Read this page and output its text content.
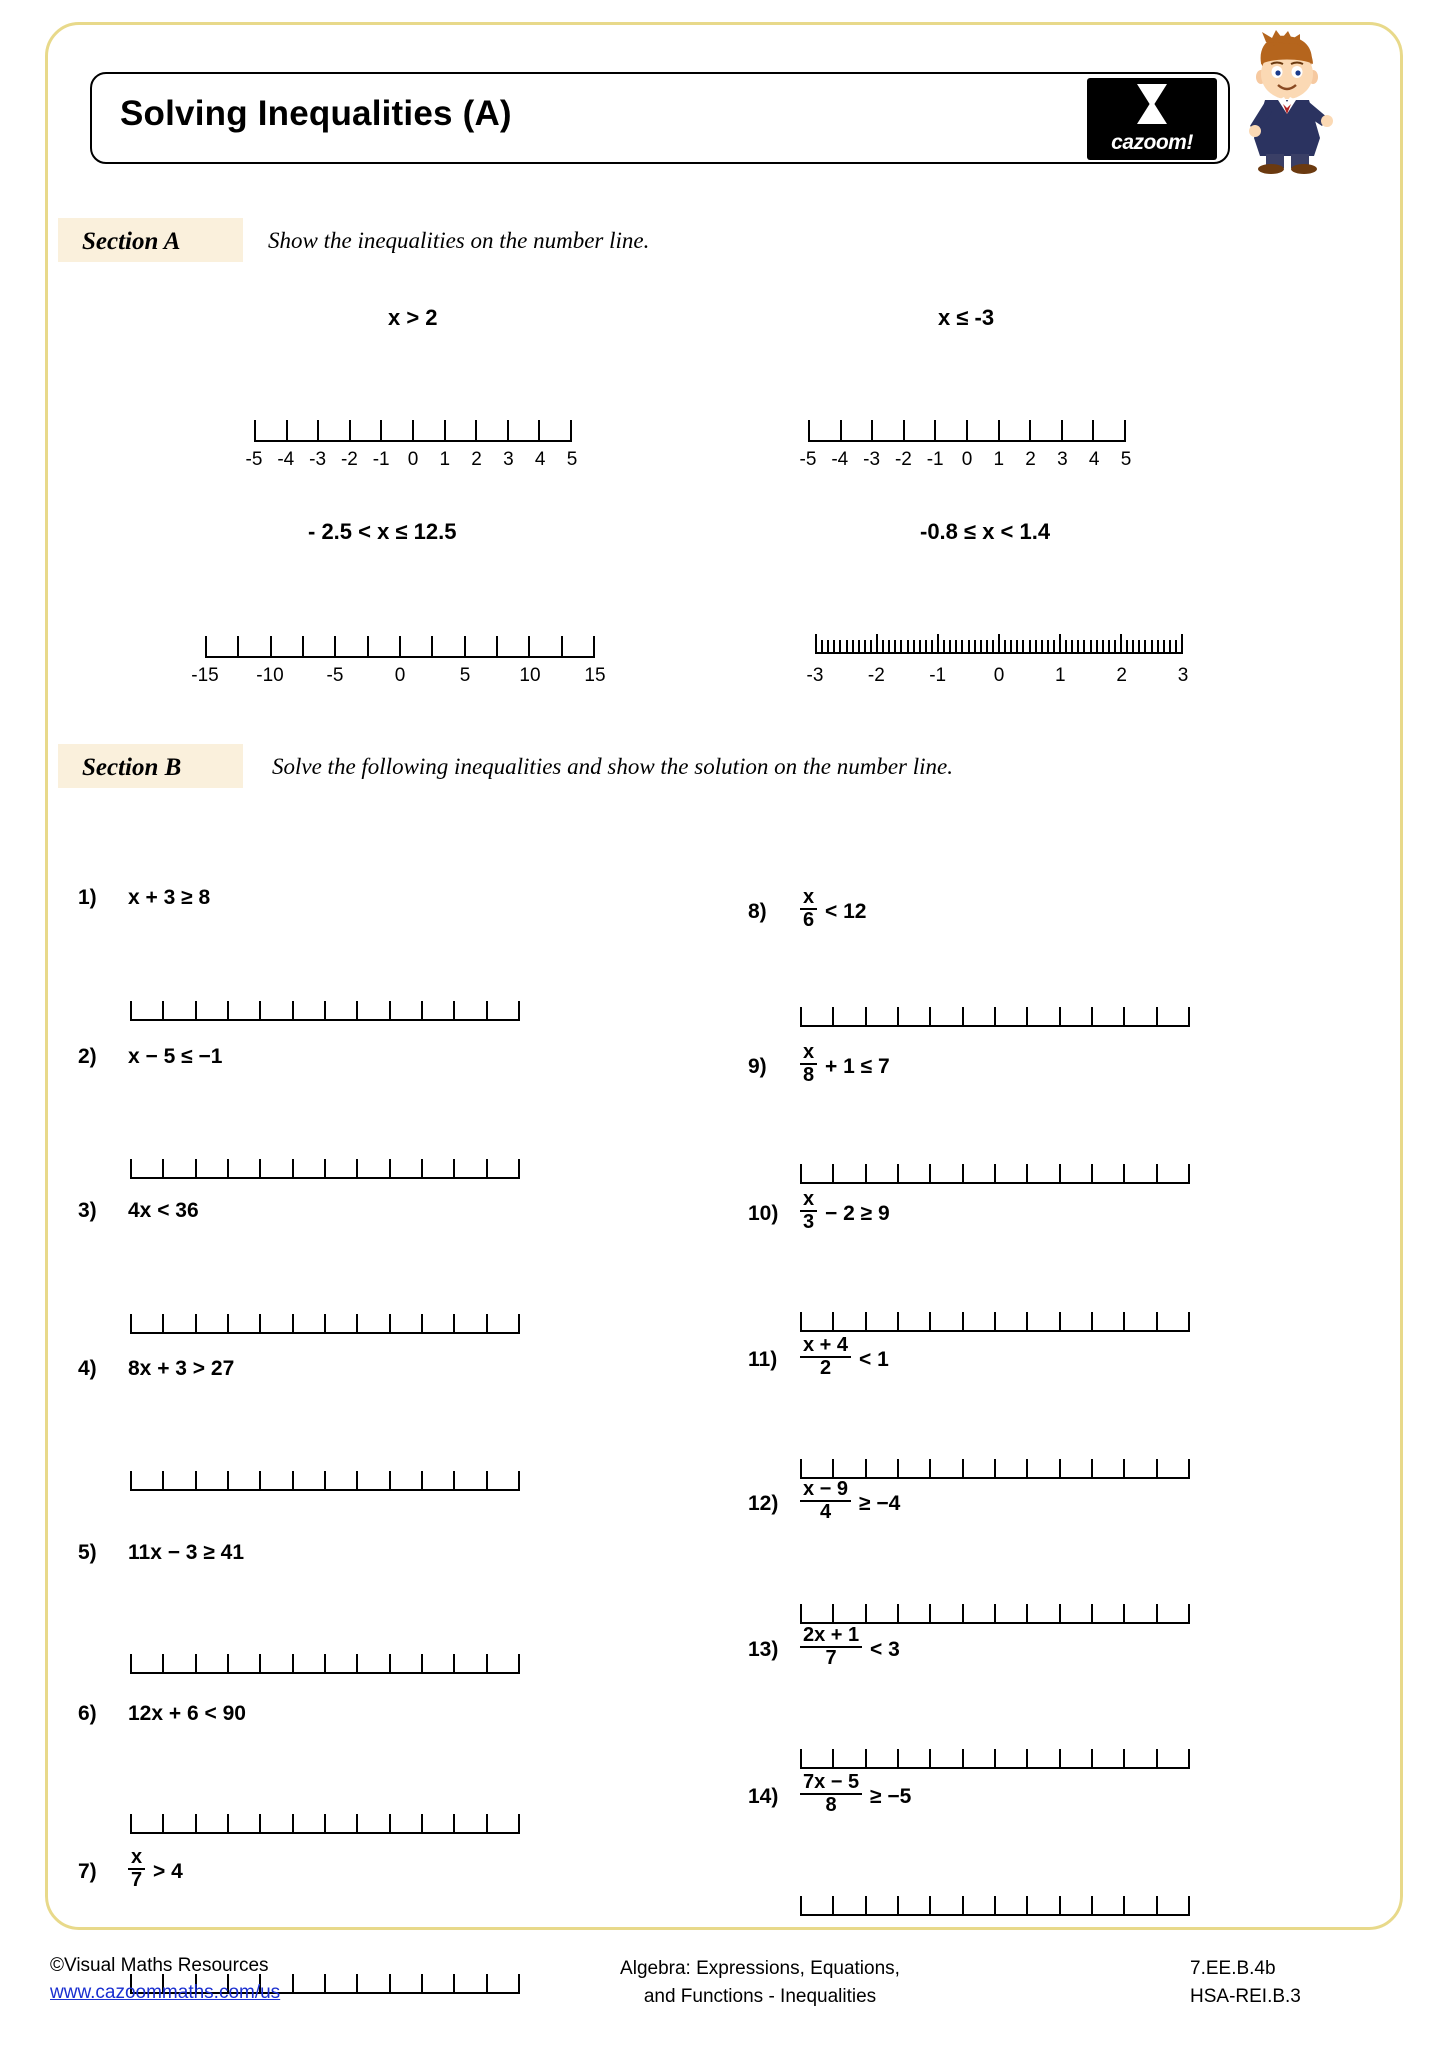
Solving Inequalities (A)
cazoom!
Section A	Show the inequalities on the number line.
x > 2
-5 -4 -3 -2 -1 0 1 2 3 4 5
x ≤ -3
-5 -4 -3 -2 -1 0 1 2 3 4 5
- 2.5 < x ≤ 12.5
-15 -10 -5	0	5	10 15
-0.8 ≤ x < 1.4
-3 -2 -1	0	1	2	3
Section B	Solve the following inequalities and show the solution on the number line.
1) x + 3 ≥ 8
2) x − 5 ≤ −1
3) 4x < 36
4) 8x + 3 > 27
5) 11x − 3 ≥ 41
6) 12x + 6 < 90
$7) \frac{x}{7} > 4$
$8) \frac{x}{6} < 12$
$9) \frac{x}{8} + 1 \le 7$
$10) \frac{x}{3} - 2 \ge 9$
$11) \frac{x + 4}{2} < 1$
$12) \frac{x - 9}{4} \ge -4$
$13) \frac{2x + 1}{7} < 3$
$14) \frac{7x - 5}{8} \ge -5$
©Visual Maths Resources
www.cazoommaths.com/us
Algebra: Expressions, Equations,
and Functions - Inequalities
7.EE.B.4b
HSA-REI.B.3
